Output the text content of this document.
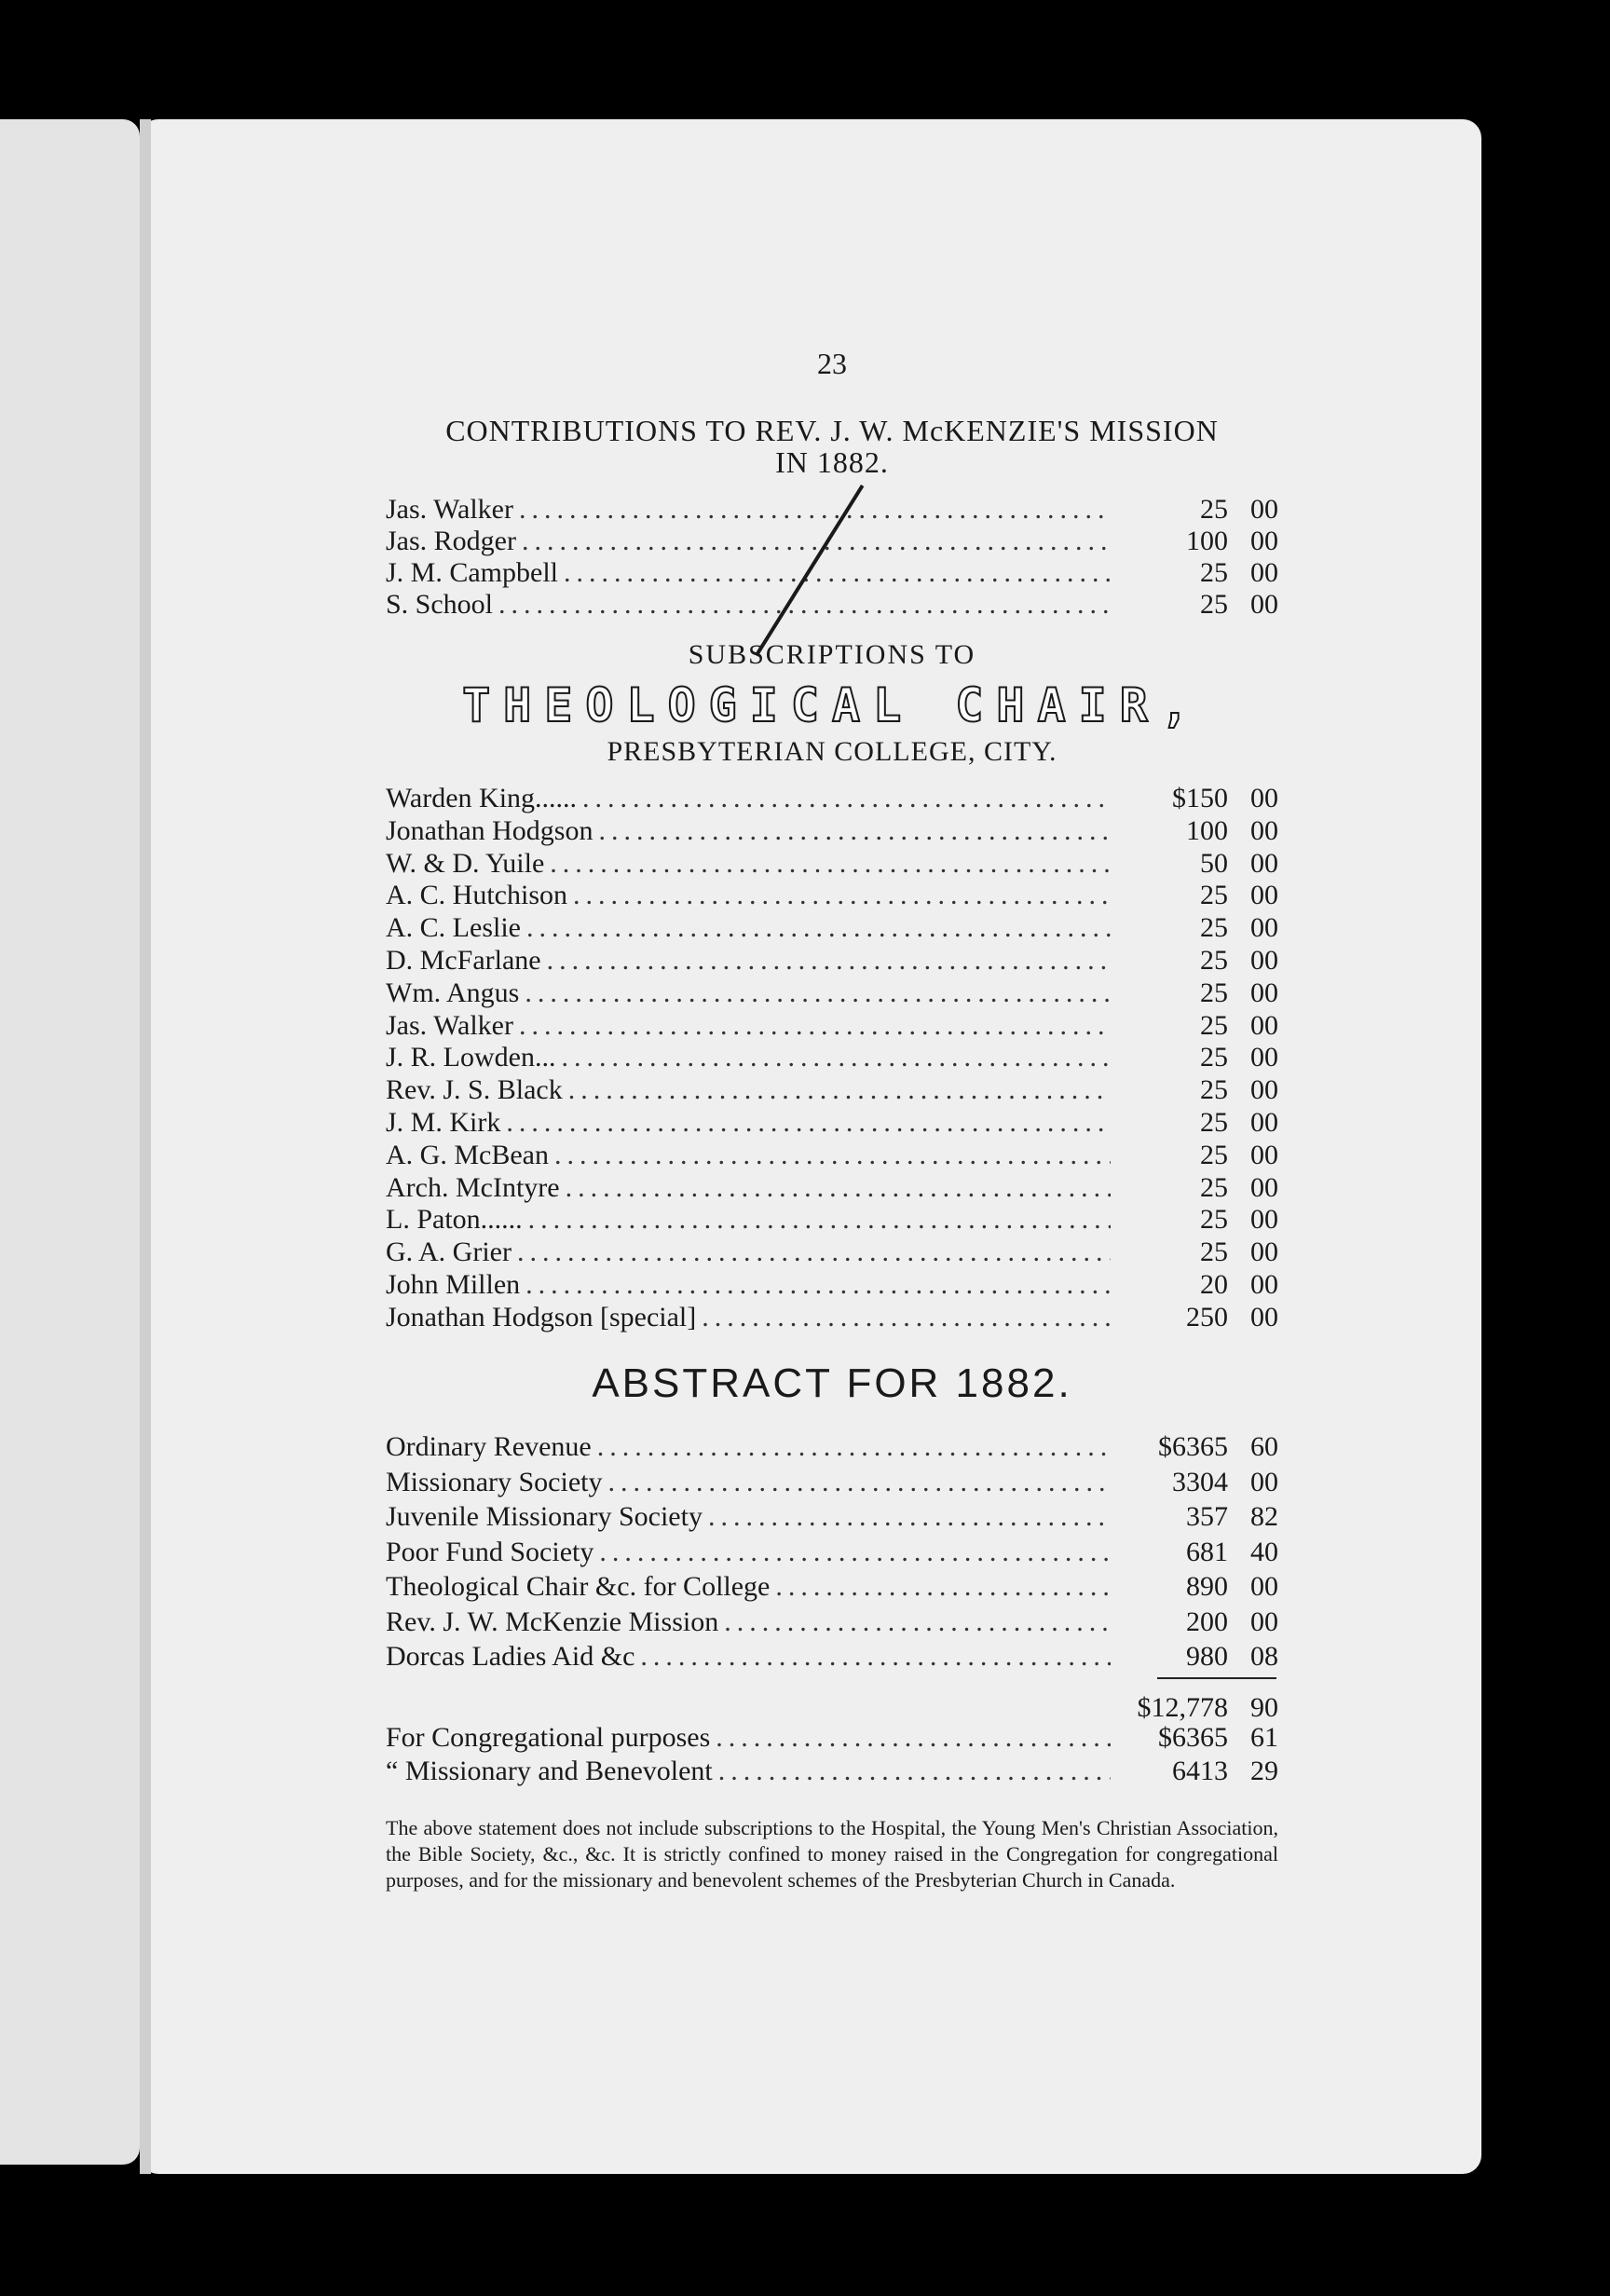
23
CONTRIBUTIONS TO REV. J. W. McKENZIE'S MISSION
IN 1882.
Jas. Walker .....	25 00
Jas. Rodger .....	100 00
J. M. Campbell .....	25 00
S. School .....	25 00
SUBSCRIPTIONS TO
THEOLOGICAL CHAIR,
PRESBYTERIAN COLLEGE, CITY.
Warden King...... .....	$150 00
Jonathan Hodgson .....	100 00
W. & D. Yuile .....	50 00
A. C. Hutchison .....	25 00
A. C. Leslie .....	25 00
D. McFarlane .....	25 00
Wm. Angus .....	25 00
Jas. Walker .....	25 00
J. R. Lowden... .....	25 00
Rev. J. S. Black .....	25 00
J. M. Kirk .....	25 00
A. G. McBean .....	25 00
Arch. McIntyre .....	25 00
L. Paton...... .....	25 00
G. A. Grier .....	25 00
John Millen .....	20 00
Jonathan Hodgson [special] .....	250 00
ABSTRACT FOR 1882.
Ordinary Revenue .....	$6365 60
Missionary Society .....	3304 00
Juvenile Missionary Society .....	357 82
Poor Fund Society .....	681 40
Theological Chair &c. for College .....	890 00
Rev. J. W. McKenzie Mission .....	200 00
Dorcas Ladies Aid &c .....	980 08
$12,778 90
For Congregational purposes .....	$6365 61
“ Missionary and Benevolent .....	6413 29
The above statement does not include subscriptions to the Hospital, the Young Men's Christian Association, the Bible Society, &c., &c. It is strictly confined to money raised in the Congregation for congregational purposes, and for the missionary and benevolent schemes of the Presbyterian Church in Canada.
